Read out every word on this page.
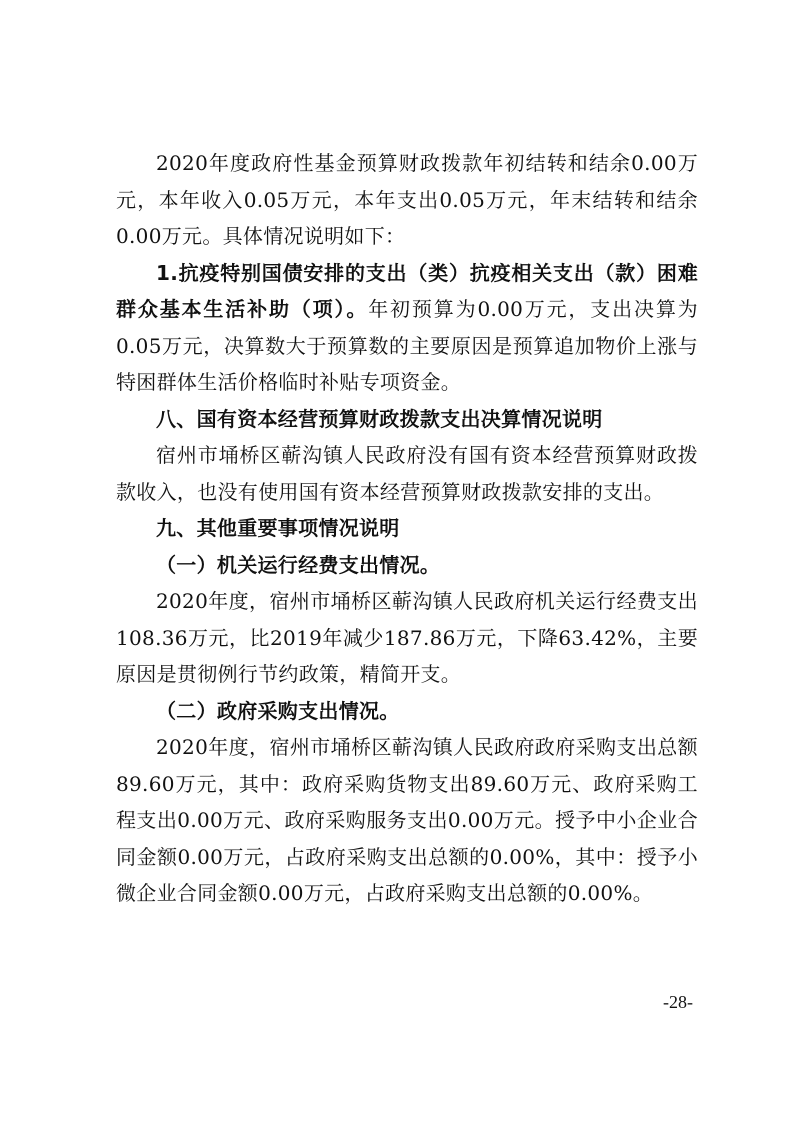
2020年度政府性基金预算财政拨款年初结转和结余0.00万元，本年收入0.05万元，本年支出0.05万元，年末结转和结余0.00万元。具体情况说明如下：

1.抗疫特别国债安排的支出（类）抗疫相关支出（款）困难群众基本生活补助（项）。年初预算为0.00万元，支出决算为0.05万元，决算数大于预算数的主要原因是预算追加物价上涨与特困群体生活价格临时补贴专项资金。

八、国有资本经营预算财政拨款支出决算情况说明

宿州市埇桥区蕲沟镇人民政府没有国有资本经营预算财政拨款收入，也没有使用国有资本经营预算财政拨款安排的支出。

九、其他重要事项情况说明

（一）机关运行经费支出情况。

2020年度，宿州市埇桥区蕲沟镇人民政府机关运行经费支出108.36万元，比2019年减少187.86万元，下降63.42%，主要原因是贯彻例行节约政策，精简开支。

（二）政府采购支出情况。

2020年度，宿州市埇桥区蕲沟镇人民政府政府采购支出总额89.60万元，其中：政府采购货物支出89.60万元、政府采购工程支出0.00万元、政府采购服务支出0.00万元。授予中小企业合同金额0.00万元，占政府采购支出总额的0.00%，其中：授予小微企业合同金额0.00万元，占政府采购支出总额的0.00%。

-28-
